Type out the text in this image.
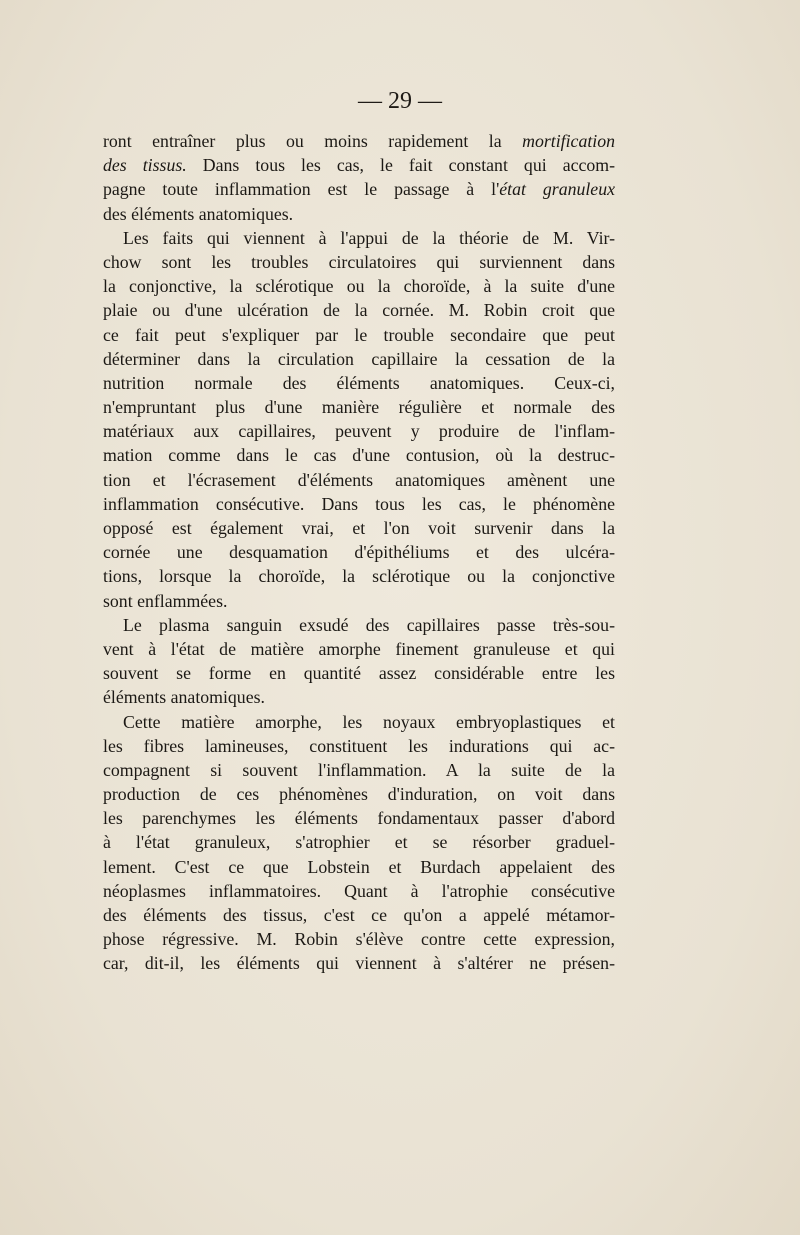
— 29 —
ront entraîner plus ou moins rapidement la mortification
des tissus. Dans tous les cas, le fait constant qui accom-
pagne toute inflammation est le passage à l'état granuleux
des éléments anatomiques.
Les faits qui viennent à l'appui de la théorie de M. Vir-
chow sont les troubles circulatoires qui surviennent dans
la conjonctive, la sclérotique ou la choroïde, à la suite d'une
plaie ou d'une ulcération de la cornée. M. Robin croit que
ce fait peut s'expliquer par le trouble secondaire que peut
déterminer dans la circulation capillaire la cessation de la
nutrition normale des éléments anatomiques. Ceux-ci,
n'empruntant plus d'une manière régulière et normale des
matériaux aux capillaires, peuvent y produire de l'inflam-
mation comme dans le cas d'une contusion, où la destruc-
tion et l'écrasement d'éléments anatomiques amènent une
inflammation consécutive. Dans tous les cas, le phénomène
opposé est également vrai, et l'on voit survenir dans la
cornée une desquamation d'épithéliums et des ulcéra-
tions, lorsque la choroïde, la sclérotique ou la conjonctive
sont enflammées.
Le plasma sanguin exsudé des capillaires passe très-sou-
vent à l'état de matière amorphe finement granuleuse et qui
souvent se forme en quantité assez considérable entre les
éléments anatomiques.
Cette matière amorphe, les noyaux embryoplastiques et
les fibres lamineuses, constituent les indurations qui ac-
compagnent si souvent l'inflammation. A la suite de la
production de ces phénomènes d'induration, on voit dans
les parenchymes les éléments fondamentaux passer d'abord
à l'état granuleux, s'atrophier et se résorber graduel-
lement. C'est ce que Lobstein et Burdach appelaient des
néoplasmes inflammatoires. Quant à l'atrophie consécutive
des éléments des tissus, c'est ce qu'on a appelé métamor-
phose régressive. M. Robin s'élève contre cette expression,
car, dit-il, les éléments qui viennent à s'altérer ne présen-
